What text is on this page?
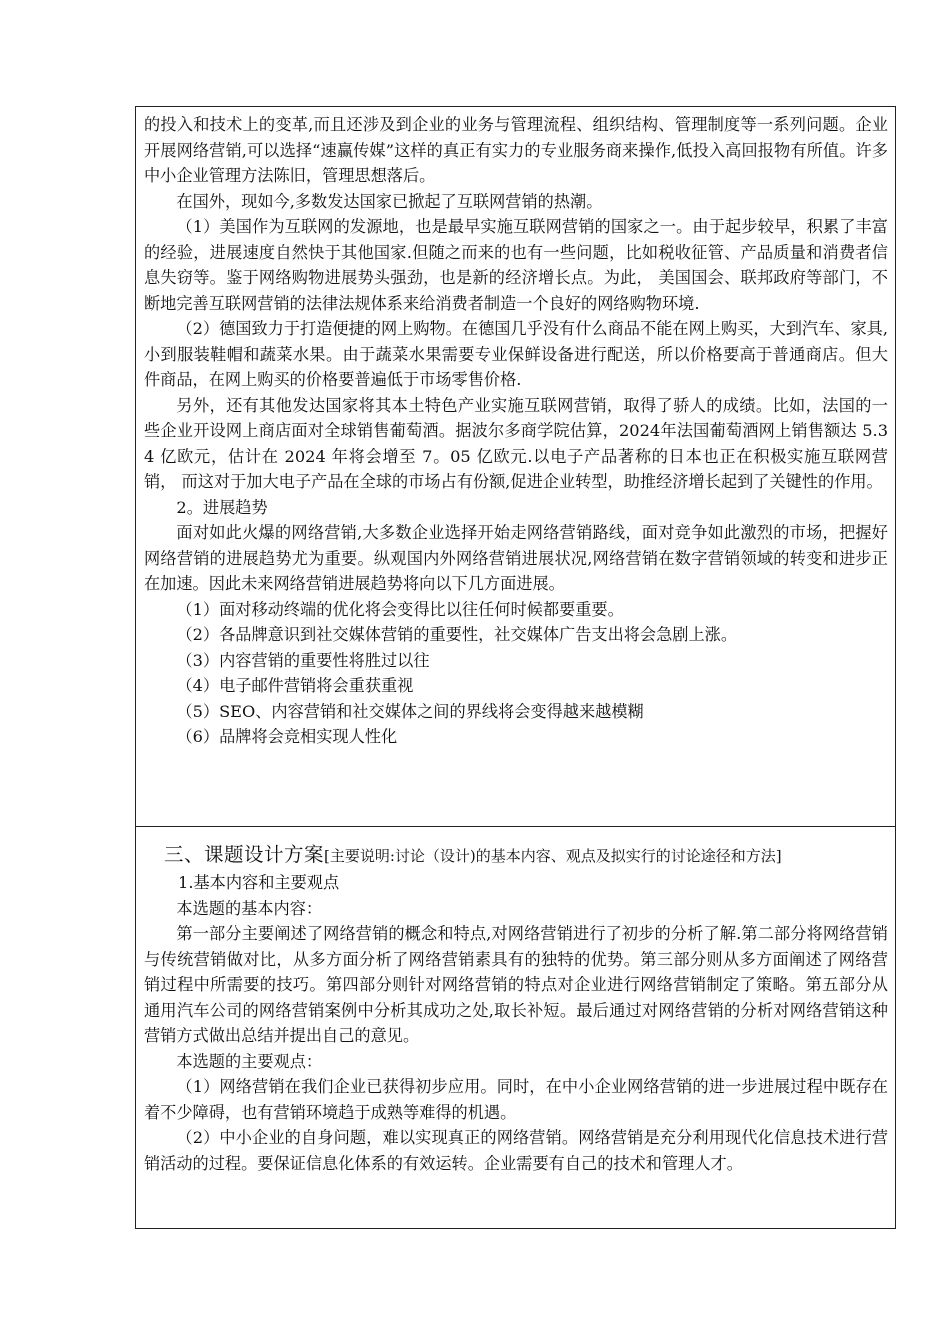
的投入和技术上的变革,而且还涉及到企业的业务与管理流程、组织结构、管理制度等一系列问题。企业开展网络营销,可以选择“速赢传媒”这样的真正有实力的专业服务商来操作,低投入高回报物有所值。许多中小企业管理方法陈旧，管理思想落后。

在国外，现如今,多数发达国家已掀起了互联网营销的热潮。

（1）美国作为互联网的发源地，也是最早实施互联网营销的国家之一。由于起步较早，积累了丰富的经验，进展速度自然快于其他国家.但随之而来的也有一些问题，比如税收征管、产品质量和消费者信息失窃等。鉴于网络购物进展势头强劲，也是新的经济增长点。为此， 美国国会、联邦政府等部门，不断地完善互联网营销的法律法规体系来给消费者制造一个良好的网络购物环境.

（2）德国致力于打造便捷的网上购物。在德国几乎没有什么商品不能在网上购买，大到汽车、家具,小到服装鞋帽和蔬菜水果。由于蔬菜水果需要专业保鲜设备进行配送，所以价格要高于普通商店。但大件商品，在网上购买的价格要普遍低于市场零售价格.

另外，还有其他发达国家将其本土特色产业实施互联网营销，取得了骄人的成绩。比如，法国的一些企业开设网上商店面对全球销售葡萄酒。据波尔多商学院估算，2024年法国葡萄酒网上销售额达 5.34 亿欧元，估计在 2024 年将会增至 7。05 亿欧元.以电子产品著称的日本也正在积极实施互联网营销， 而这对于加大电子产品在全球的市场占有份额,促进企业转型，助推经济增长起到了关键性的作用。

2。进展趋势

面对如此火爆的网络营销,大多数企业选择开始走网络营销路线，面对竞争如此激烈的市场，把握好网络营销的进展趋势尤为重要。纵观国内外网络营销进展状况,网络营销在数字营销领域的转变和进步正在加速。因此未来网络营销进展趋势将向以下几方面进展。

（1）面对移动终端的优化将会变得比以往任何时候都要重要。

（2）各品牌意识到社交媒体营销的重要性，社交媒体广告支出将会急剧上涨。

（3）内容营销的重要性将胜过以往

（4）电子邮件营销将会重获重视

（5）SEO、内容营销和社交媒体之间的界线将会变得越来越模糊

（6）品牌将会竞相实现人性化

三、课题设计方案[主要说明:讨论（设计)的基本内容、观点及拟实行的讨论途径和方法]

1.基本内容和主要观点

本选题的基本内容：

第一部分主要阐述了网络营销的概念和特点,对网络营销进行了初步的分析了解.第二部分将网络营销与传统营销做对比，从多方面分析了网络营销素具有的独特的优势。第三部分则从多方面阐述了网络营销过程中所需要的技巧。第四部分则针对网络营销的特点对企业进行网络营销制定了策略。第五部分从通用汽车公司的网络营销案例中分析其成功之处,取长补短。最后通过对网络营销的分析对网络营销这种营销方式做出总结并提出自己的意见。

本选题的主要观点：

（1）网络营销在我们企业已获得初步应用。同时，在中小企业网络营销的进一步进展过程中既存在着不少障碍，也有营销环境趋于成熟等难得的机遇。

（2）中小企业的自身问题，难以实现真正的网络营销。网络营销是充分利用现代化信息技术进行营销活动的过程。要保证信息化体系的有效运转。企业需要有自己的技术和管理人才。
